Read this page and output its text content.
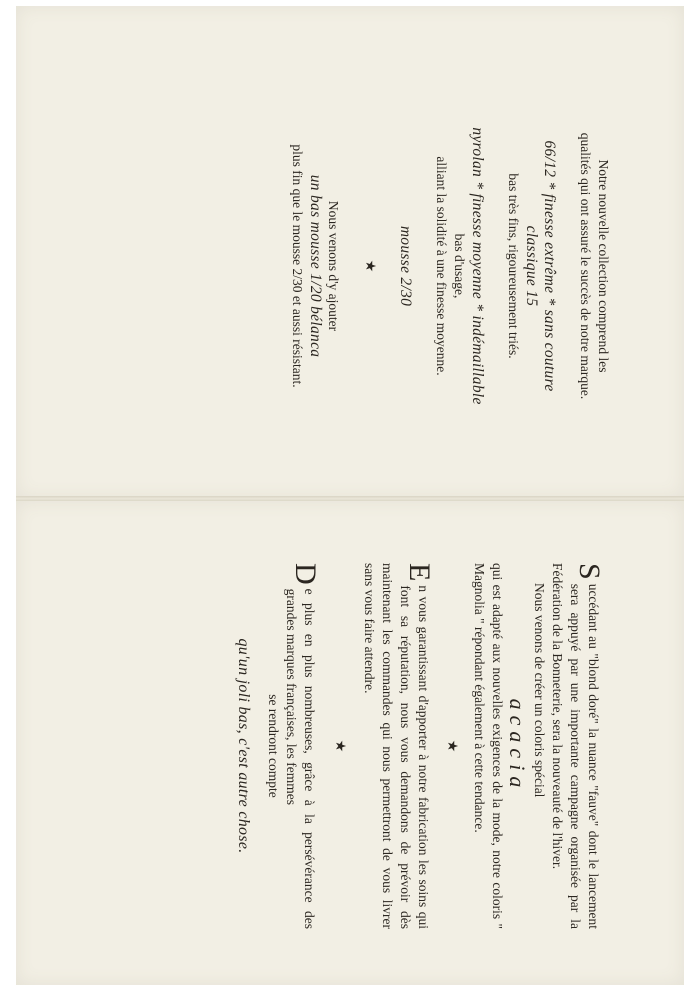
Notre nouvelle collection comprend les

qualités qui ont assuré le succès de notre marque.

66/12 * finesse extrême * sans couture

classique 15

bas très fins, rigoureusement triés.

nyrolan * finesse moyenne * indémaillable

bas d'usage,

alliant la solidité à une finesse moyenne.

mousse 2/30

★

Nous venons d'y ajouter

un bas mousse 1/20 bélanca

plus fin que le mousse 2/30 et aussi résistant.

S
uccédant au "blond doré" la nuance "fauve" dont le lancement sera appuyé par une importante campagne organisée par la Fédération de la Bonneterie, sera la nouveauté de l'hiver.

Nous venons de créer un coloris spécial

acacia

qui est adapté aux nouvelles exigences de la mode, notre coloris " Magnolia " répondant également à cette tendance.

★

E
n vous garantissant d'apporter à notre fabrication les soins qui font sa réputation, nous vous demandons de prévoir dès maintenant les commandes qui nous permettront de vous livrer sans vous faire attendre.

★

D
e plus en plus nombreuses, grâce à la persévérance des grandes marques françaises, les femmes

se rendront compte

qu'un joli bas, c'est autre chose.
